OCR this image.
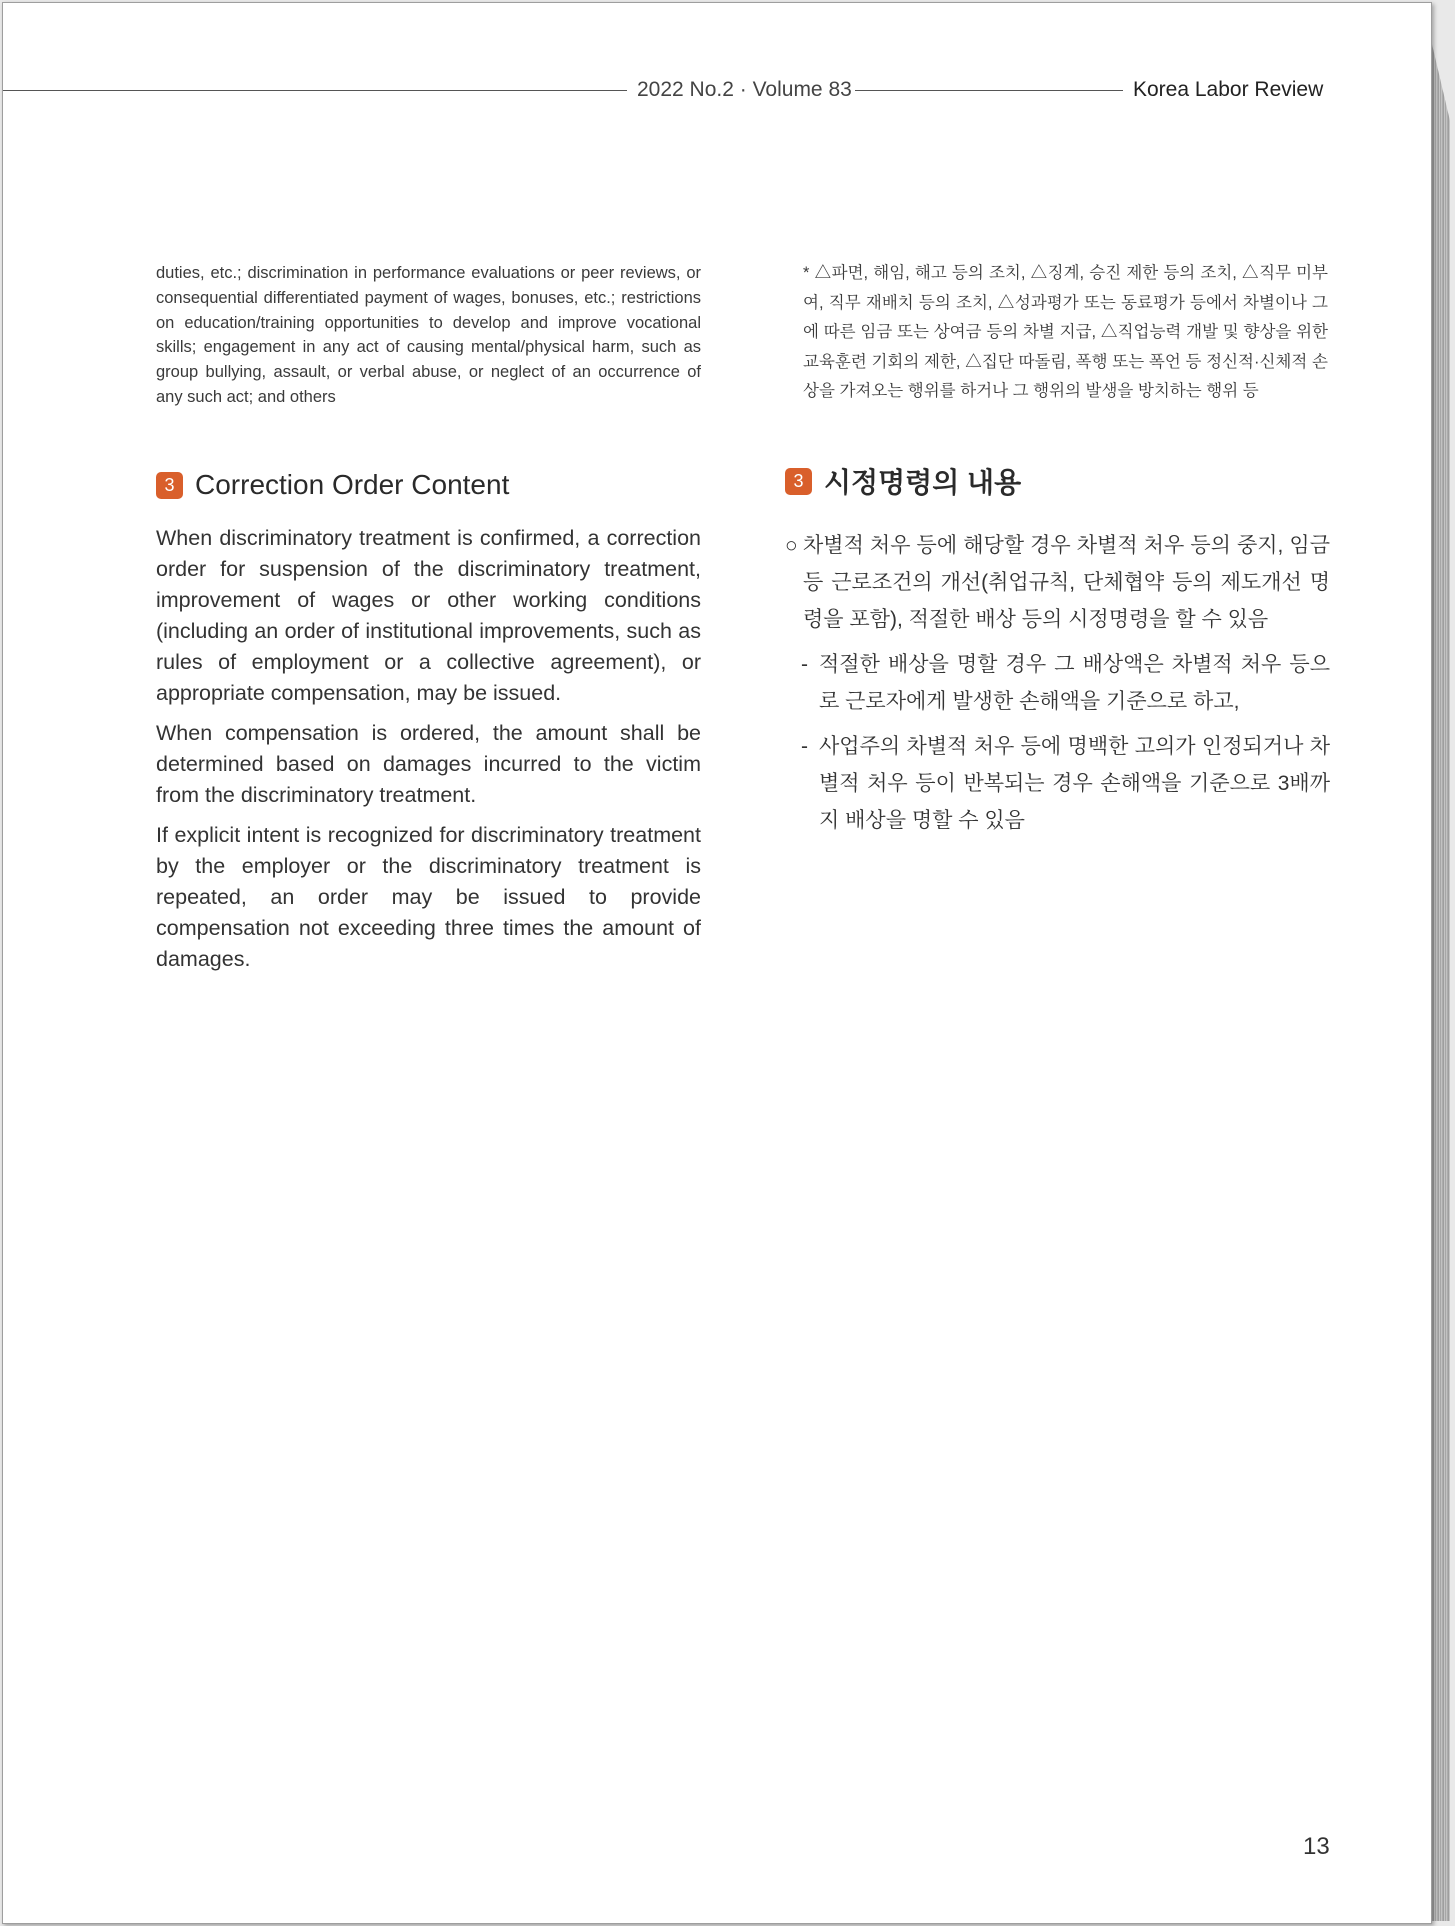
2022 No.2 · Volume 83	Korea Labor Review
duties, etc.; discrimination in performance evaluations or peer reviews, or consequential differentiated payment of wages, bonuses, etc.; restrictions on education/training opportunities to develop and improve vocational skills; engagement in any act of causing mental/physical harm, such as group bullying, assault, or verbal abuse, or neglect of an occurrence of any such act; and others
* △파면, 해임, 해고 등의 조치, △징계, 승진 제한 등의 조치, △직무 미부여, 직무 재배치 등의 조치, △성과평가 또는 동료평가 등에서 차별이나 그에 따른 임금 또는 상여금 등의 차별 지급, △직업능력 개발 및 향상을 위한 교육훈련 기회의 제한, △집단 따돌림, 폭행 또는 폭언 등 정신적·신체적 손상을 가져오는 행위를 하거나 그 행위의 발생을 방치하는 행위 등
3 Correction Order Content	3 시정명령의 내용

When discriminatory treatment is confirmed, a correction order for suspension of the discriminatory treatment, improvement of wages or other working conditions (including an order of institutional improvements, such as rules of employment or a collective agreement), or appropriate compensation, may be issued.

When compensation is ordered, the amount shall be determined based on damages incurred to the victim from the discriminatory treatment.

If explicit intent is recognized for discriminatory treatment by the employer or the discriminatory treatment is repeated, an order may be issued to provide compensation not exceeding three times the amount of damages.

○ 차별적 처우 등에 해당할 경우 차별적 처우 등의 중지, 임금 등 근로조건의 개선(취업규칙, 단체협약 등의 제도개선 명령을 포함), 적절한 배상 등의 시정명령을 할 수 있음
- 적절한 배상을 명할 경우 그 배상액은 차별적 처우 등으로 근로자에게 발생한 손해액을 기준으로 하고,
- 사업주의 차별적 처우 등에 명백한 고의가 인정되거나 차별적 처우 등이 반복되는 경우 손해액을 기준으로 3배까지 배상을 명할 수 있음
13
